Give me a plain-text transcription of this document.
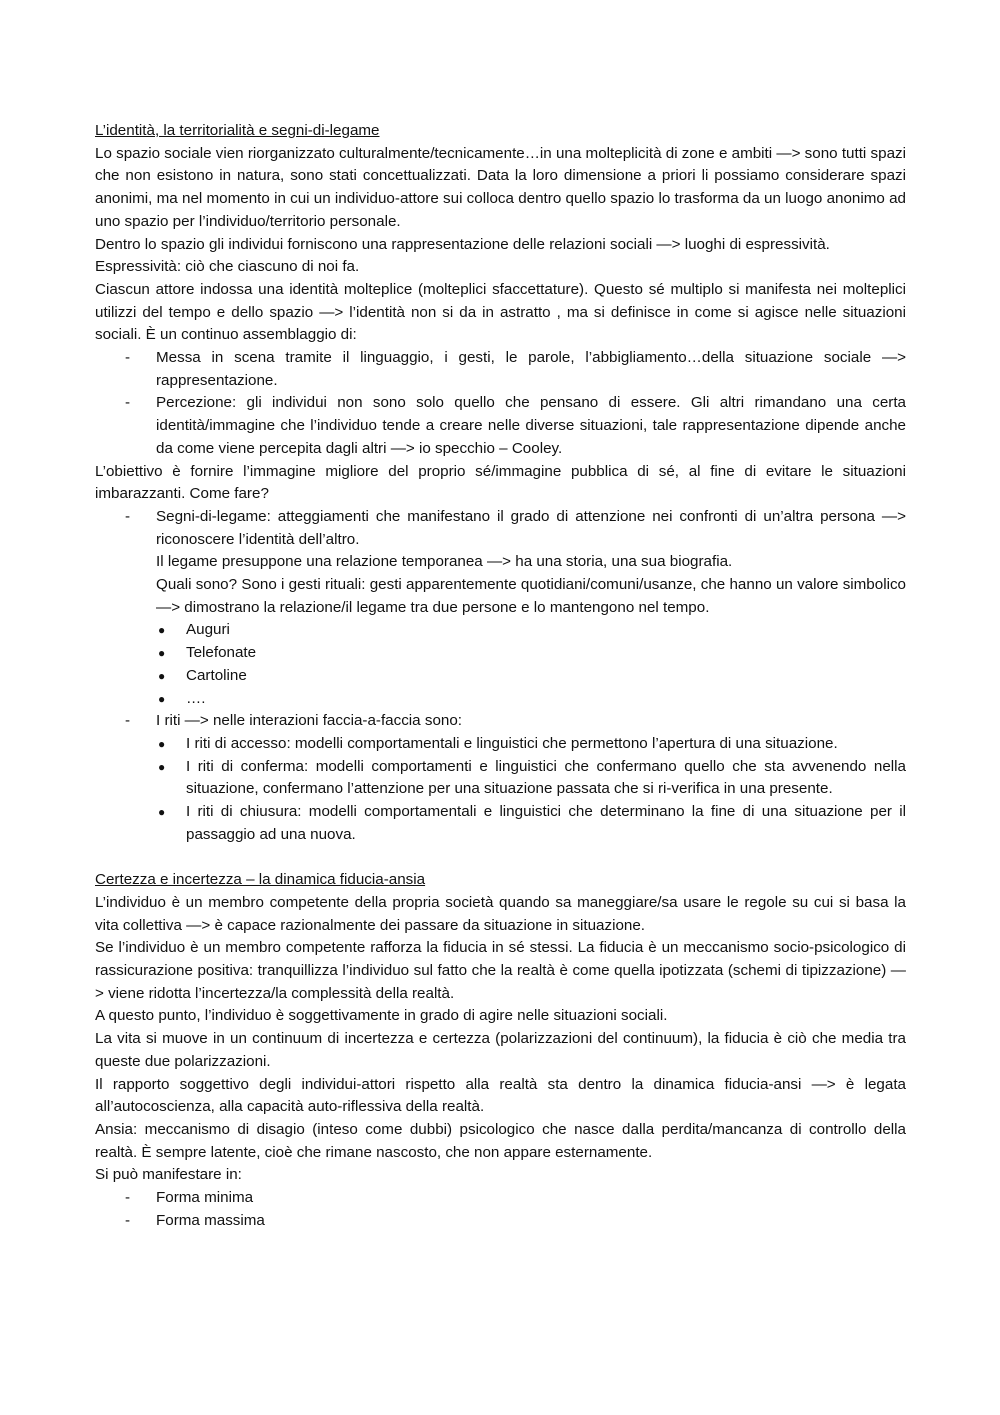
L’identità, la territorialità e segni-di-legame

Lo spazio sociale vien riorganizzato culturalmente/tecnicamente…in una molteplicità di zone e ambiti —> sono tutti spazi che non esistono in natura, sono stati concettualizzati. Data la loro dimensione a priori li possiamo considerare spazi anonimi, ma nel momento in cui un individuo-attore sui colloca dentro quello spazio lo trasforma da un luogo anonimo ad uno spazio per l’individuo/territorio personale.

Dentro lo spazio gli individui forniscono una rappresentazione delle relazioni sociali —> luoghi di espressività.

Espressività: ciò che ciascuno di noi fa.

Ciascun attore indossa una identità molteplice (molteplici sfaccettature). Questo sé multiplo si manifesta nei molteplici utilizzi del tempo e dello spazio —> l’identità non si da in astratto , ma si definisce in come si agisce nelle situazioni sociali. È un continuo assemblaggio di:

- Messa in scena tramite il linguaggio, i gesti, le parole, l’abbigliamento…della situazione sociale —> rappresentazione.
- Percezione: gli individui non sono solo quello che pensano di essere. Gli altri rimandano una certa identità/immagine che l’individuo tende a creare nelle diverse situazioni, tale rappresentazione dipende anche da come viene percepita dagli altri —> io specchio – Cooley.

L’obiettivo è fornire l’immagine migliore del proprio sé/immagine pubblica di sé, al fine di evitare le situazioni imbarazzanti. Come fare?

- Segni-di-legame: atteggiamenti che manifestano il grado di attenzione nei confronti di un’altra persona —> riconoscere l’identità dell’altro.
Il legame presuppone una relazione temporanea —> ha una storia, una sua biografia.
Quali sono? Sono i gesti rituali: gesti apparentemente quotidiani/comuni/usanze, che hanno un valore simbolico —> dimostrano la relazione/il legame tra due persone e lo mantengono nel tempo.
● Auguri
● Telefonate
● Cartoline
● ….
- I riti —> nelle interazioni faccia-a-faccia sono:
● I riti di accesso: modelli comportamentali e linguistici che permettono l’apertura di una situazione.
● I riti di conferma: modelli comportamenti e linguistici che confermano quello che sta avvenendo nella situazione, confermano l’attenzione per una situazione passata che si ri-verifica in una presente.
● I riti di chiusura: modelli comportamentali e linguistici che determinano la fine di una situazione per il passaggio ad una nuova.
Certezza e incertezza – la dinamica fiducia-ansia

L’individuo è un membro competente della propria società quando sa maneggiare/sa usare le regole su cui si basa la vita collettiva —> è capace razionalmente dei passare da situazione in situazione.

Se l’individuo è un membro competente rafforza la fiducia in sé stessi. La fiducia è un meccanismo socio-psicologico di rassicurazione positiva: tranquillizza l’individuo sul fatto che la realtà è come quella ipotizzata (schemi di tipizzazione) —> viene ridotta l’incertezza/la complessità della realtà.

A questo punto, l’individuo è soggettivamente in grado di agire nelle situazioni sociali.

La vita si muove in un continuum di incertezza e certezza (polarizzazioni del continuum), la fiducia è ciò che media tra queste due polarizzazioni.

Il rapporto soggettivo degli individui-attori rispetto alla realtà sta dentro la dinamica fiducia-ansi —> è legata all’autocoscienza, alla capacità auto-riflessiva della realtà.

Ansia: meccanismo di disagio (inteso come dubbi) psicologico che nasce dalla perdita/mancanza di controllo della realtà. È sempre latente, cioè che rimane nascosto, che non appare esternamente.

Si può manifestare in:

- Forma minima
- Forma massima
